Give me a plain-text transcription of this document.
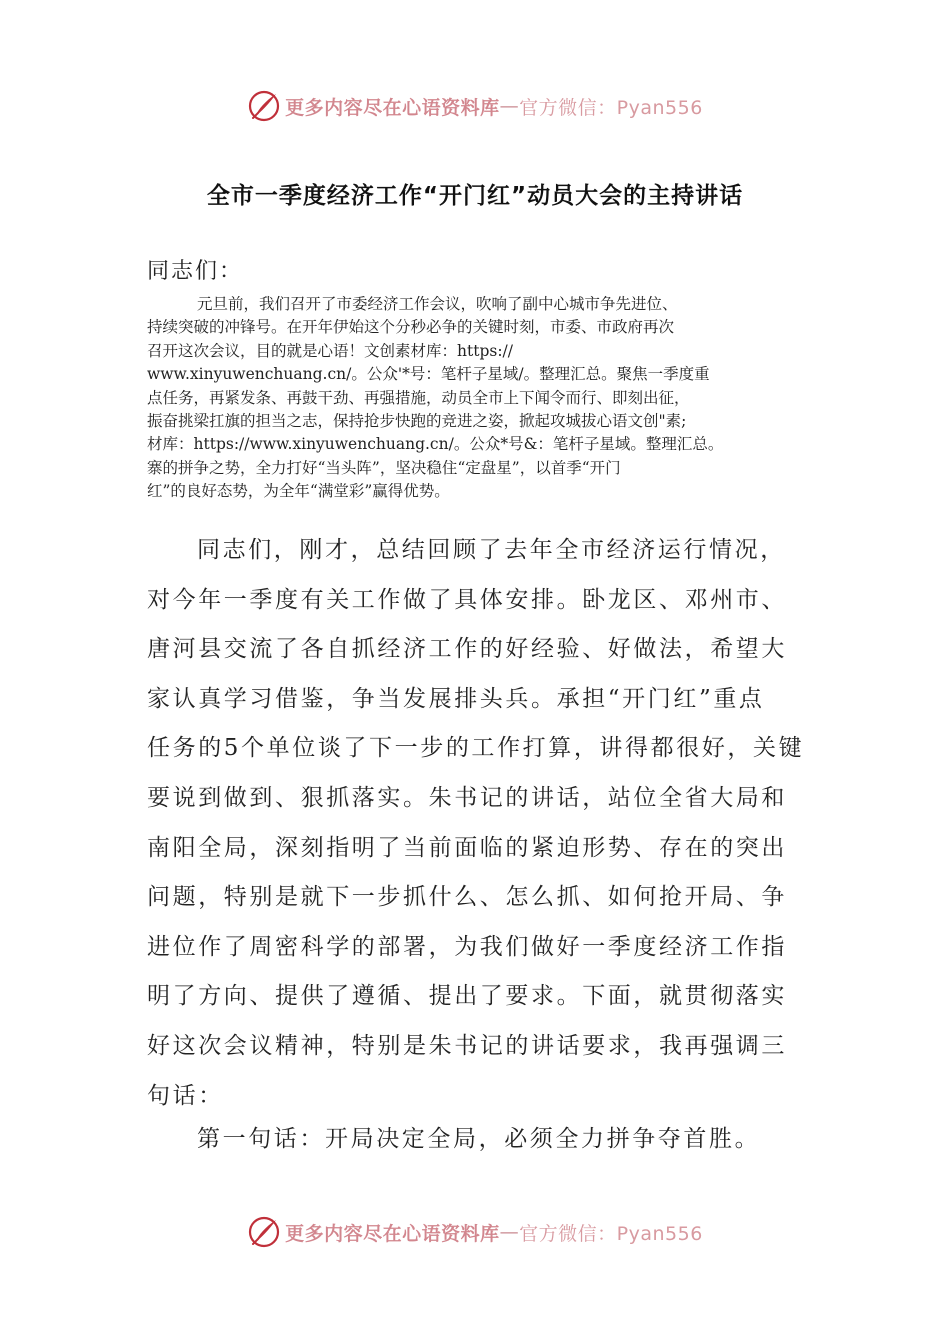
更多内容尽在心语资料库 — 官方微信：Pyan556
全市一季度经济工作“开门红”动员大会的主持讲话
同志们：
元旦前，我们召开了市委经济工作会议，吹响了副中心城市争先进位、
持续突破的冲锋号。在开年伊始这个分秒必争的关键时刻，市委、市政府再次
召开这次会议，目的就是心语！文创素材库：https://
www.xinyuwenchuang.cn/。公众'*号：笔杆子星域/。整理汇总。聚焦一季度重
点任务，再紧发条、再鼓干劲、再强措施，动员全市上下闻令而行、即刻出征，
振奋挑梁扛旗的担当之志，保持抢步快跑的竞进之姿，掀起攻城拔心语文创"素;
材库：https://www.xinyuwenchuang.cn/。公众*号&：笔杆子星域。整理汇总。
寨的拼争之势，全力打好“当头阵”，坚决稳住“定盘星”，以首季“开门
红”的良好态势，为全年“满堂彩”赢得优势。
同志们，刚才，总结回顾了去年全市经济运行情况，
对今年一季度有关工作做了具体安排。卧龙区、邓州市、
唐河县交流了各自抓经济工作的好经验、好做法，希望大
家认真学习借鉴，争当发展排头兵。承担“开门红”重点
任务的5个单位谈了下一步的工作打算，讲得都很好，关键
要说到做到、狠抓落实。朱书记的讲话，站位全省大局和
南阳全局，深刻指明了当前面临的紧迫形势、存在的突出
问题，特别是就下一步抓什么、怎么抓、如何抢开局、争
进位作了周密科学的部署，为我们做好一季度经济工作指
明了方向、提供了遵循、提出了要求。下面，就贯彻落实
好这次会议精神，特别是朱书记的讲话要求，我再强调三
句话：
第一句话：开局决定全局，必须全力拼争夺首胜。
更多内容尽在心语资料库 — 官方微信：Pyan556
